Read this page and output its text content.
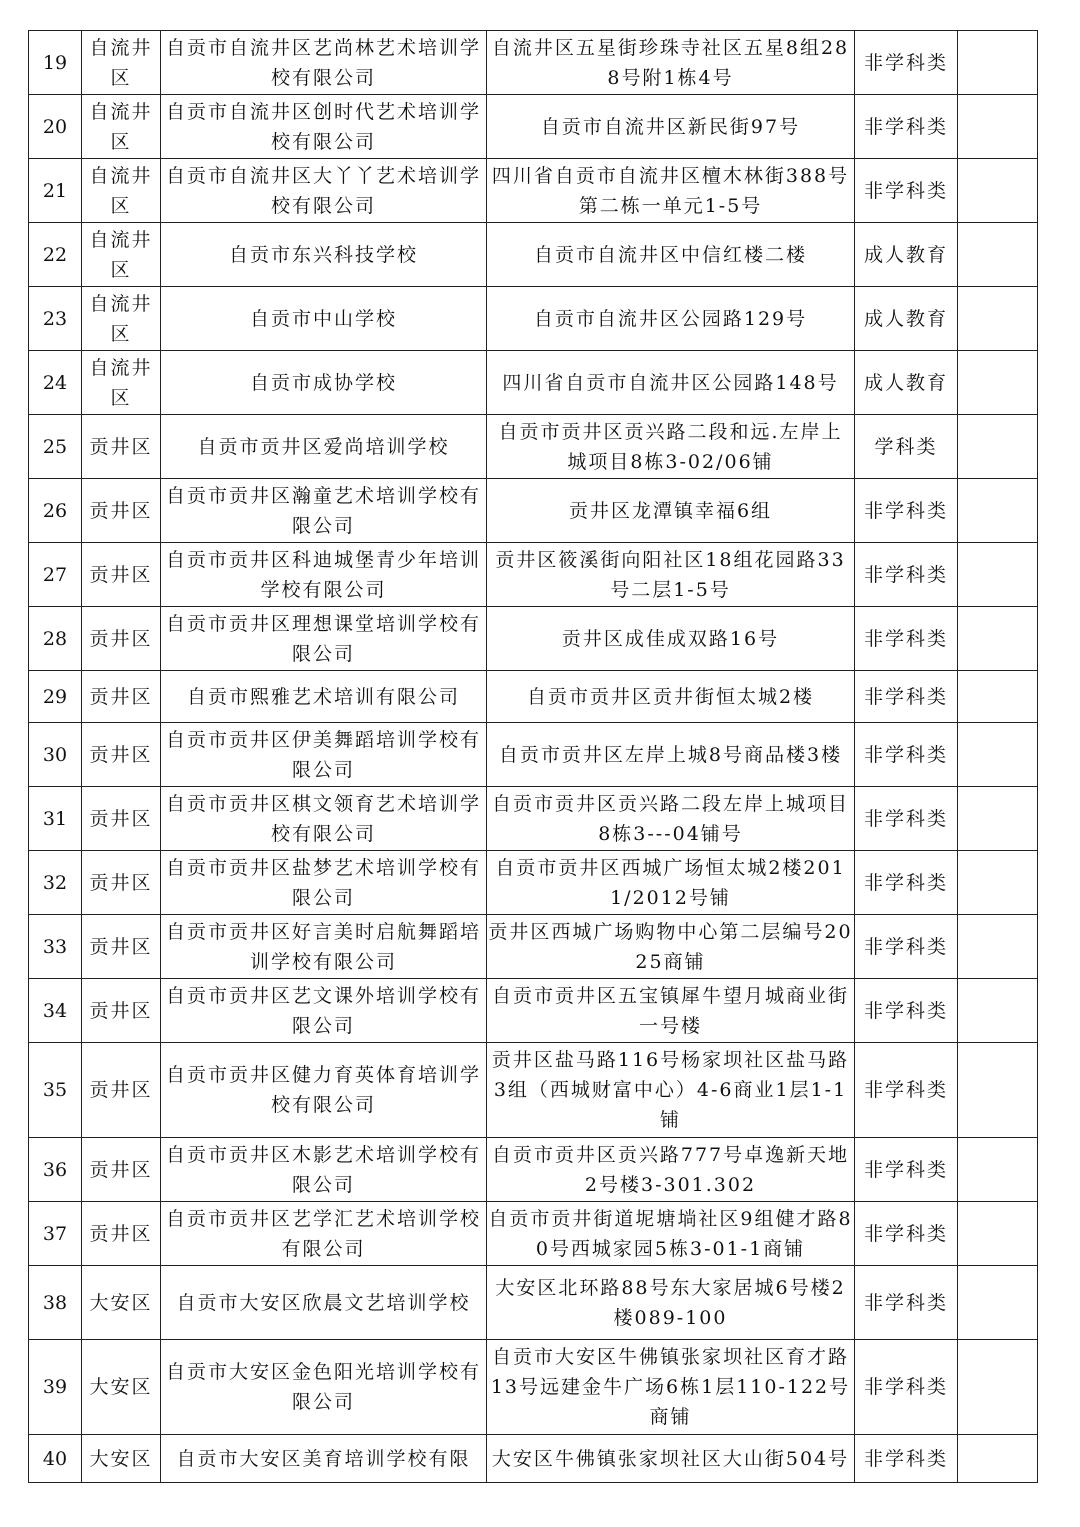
19	自流井区	自贡市自流井区艺尚林艺术培训学校有限公司	自流井区五星街珍珠寺社区五星8组288号附1栋4号	非学科类	
20	自流井区	自贡市自流井区创时代艺术培训学校有限公司	自贡市自流井区新民街97号	非学科类	
21	自流井区	自贡市自流井区大丫丫艺术培训学校有限公司	四川省自贡市自流井区檀木林街388号第二栋一单元1-5号	非学科类	
22	自流井区	自贡市东兴科技学校	自贡市自流井区中信红楼二楼	成人教育	
23	自流井区	自贡市中山学校	自贡市自流井区公园路129号	成人教育	
24	自流井区	自贡市成协学校	四川省自贡市自流井区公园路148号	成人教育	
25	贡井区	自贡市贡井区爱尚培训学校	自贡市贡井区贡兴路二段和远.左岸上城项目8栋3-02/06铺	学科类	
26	贡井区	自贡市贡井区瀚童艺术培训学校有限公司	贡井区龙潭镇幸福6组	非学科类	
27	贡井区	自贡市贡井区科迪城堡青少年培训学校有限公司	贡井区筱溪街向阳社区18组花园路33号二层1-5号	非学科类	
28	贡井区	自贡市贡井区理想课堂培训学校有限公司	贡井区成佳成双路16号	非学科类	
29	贡井区	自贡市熙雅艺术培训有限公司	自贡市贡井区贡井街恒太城2楼	非学科类	
30	贡井区	自贡市贡井区伊美舞蹈培训学校有限公司	自贡市贡井区左岸上城8号商品楼3楼	非学科类	
31	贡井区	自贡市贡井区棋文领育艺术培训学校有限公司	自贡市贡井区贡兴路二段左岸上城项目8栋3---04铺号	非学科类	
32	贡井区	自贡市贡井区盐梦艺术培训学校有限公司	自贡市贡井区西城广场恒太城2楼2011/2012号铺	非学科类	
33	贡井区	自贡市贡井区好言美时启航舞蹈培训学校有限公司	贡井区西城广场购物中心第二层编号2025商铺	非学科类	
34	贡井区	自贡市贡井区艺文课外培训学校有限公司	自贡市贡井区五宝镇犀牛望月城商业街一号楼	非学科类	
35	贡井区	自贡市贡井区健力育英体育培训学校有限公司	贡井区盐马路116号杨家坝社区盐马路3组（西城财富中心）4-6商业1层1-1铺	非学科类	
36	贡井区	自贡市贡井区木影艺术培训学校有限公司	自贡市贡井区贡兴路777号卓逸新天地2号楼3-301.302	非学科类	
37	贡井区	自贡市贡井区艺学汇艺术培训学校有限公司	自贡市贡井街道坭塘埫社区9组健才路80号西城家园5栋3-01-1商铺	非学科类	
38	大安区	自贡市大安区欣晨文艺培训学校	大安区北环路88号东大家居城6号楼2楼089-100	非学科类	
39	大安区	自贡市大安区金色阳光培训学校有限公司	自贡市大安区牛佛镇张家坝社区育才路13号远建金牛广场6栋1层110-122号商铺	非学科类	
40	大安区	自贡市大安区美育培训学校有限	大安区牛佛镇张家坝社区大山街504号	非学科类	
